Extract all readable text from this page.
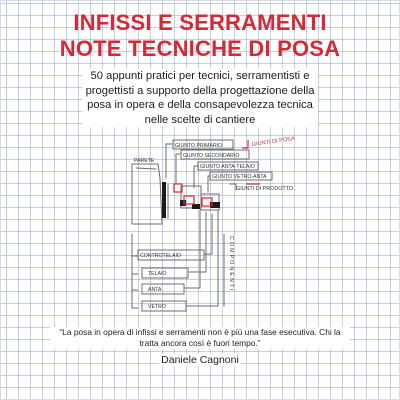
INFISSI E SERRAMENTI
NOTE TECNICHE DI POSA
50 appunti pratici per tecnici, serramentisti e progettisti a supporto della progettazione della posa in opera e della consapevolezza tecnica nelle scelte di cantiere
GIUNTO PRIMARIO
GIUNTO SECONDARIO
GIUNTO ANTA-TELAIO
GIUNTO VETRO-ANTA
PARETE
CONTROTELAIO
TELAIO
ANTA
VETRO
GIUNTI DI POSA
GIUNTI DI PRODOTTO
COMPONENTI
“La posa in opera di infissi e serramenti non è più una fase esecutiva. Chi la tratta ancora così è fuori tempo.”
Daniele Cagnoni
